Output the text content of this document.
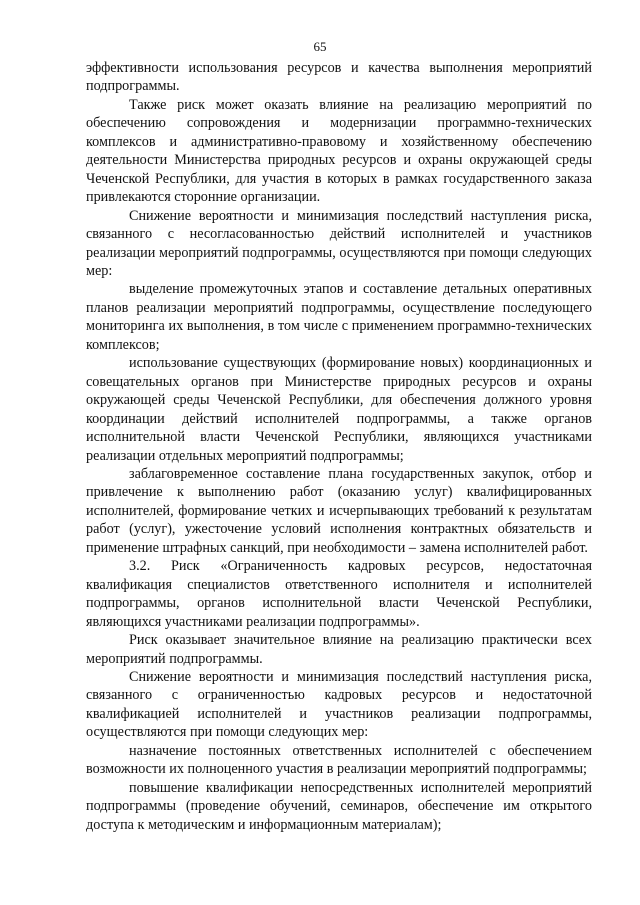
65

эффективности использования ресурсов и качества выполнения мероприятий подпрограммы.

Также риск может оказать влияние на реализацию мероприятий по обеспечению сопровождения и модернизации программно-технических комплексов и административно-правовому и хозяйственному обеспечению деятельности Министерства природных ресурсов и охраны окружающей среды Чеченской Республики, для участия в которых в рамках государственного заказа привлекаются сторонние организации.

Снижение вероятности и минимизация последствий наступления риска, связанного с несогласованностью действий исполнителей и участников реализации мероприятий подпрограммы, осуществляются при помощи следующих мер:

выделение промежуточных этапов и составление детальных оперативных планов реализации мероприятий подпрограммы, осуществление последующего мониторинга их выполнения, в том числе с применением программно-технических комплексов;

использование существующих (формирование новых) координационных и совещательных органов при Министерстве природных ресурсов и охраны окружающей среды Чеченской Республики, для обеспечения должного уровня координации действий исполнителей подпрограммы, а также органов исполнительной власти Чеченской Республики, являющихся участниками реализации отдельных мероприятий подпрограммы;

заблаговременное составление плана государственных закупок, отбор и привлечение к выполнению работ (оказанию услуг) квалифицированных исполнителей, формирование четких и исчерпывающих требований к результатам работ (услуг), ужесточение условий исполнения контрактных обязательств и применение штрафных санкций, при необходимости – замена исполнителей работ.

3.2. Риск «Ограниченность кадровых ресурсов, недостаточная квалификация специалистов ответственного исполнителя и исполнителей подпрограммы, органов исполнительной власти Чеченской Республики, являющихся участниками реализации подпрограммы».

Риск оказывает значительное влияние на реализацию практически всех мероприятий подпрограммы.

Снижение вероятности и минимизация последствий наступления риска, связанного с ограниченностью кадровых ресурсов и недостаточной квалификацией исполнителей и участников реализации подпрограммы, осуществляются при помощи следующих мер:

назначение постоянных ответственных исполнителей с обеспечением возможности их полноценного участия в реализации мероприятий подпрограммы;

повышение квалификации непосредственных исполнителей мероприятий подпрограммы (проведение обучений, семинаров, обеспечение им открытого доступа к методическим и информационным материалам);
